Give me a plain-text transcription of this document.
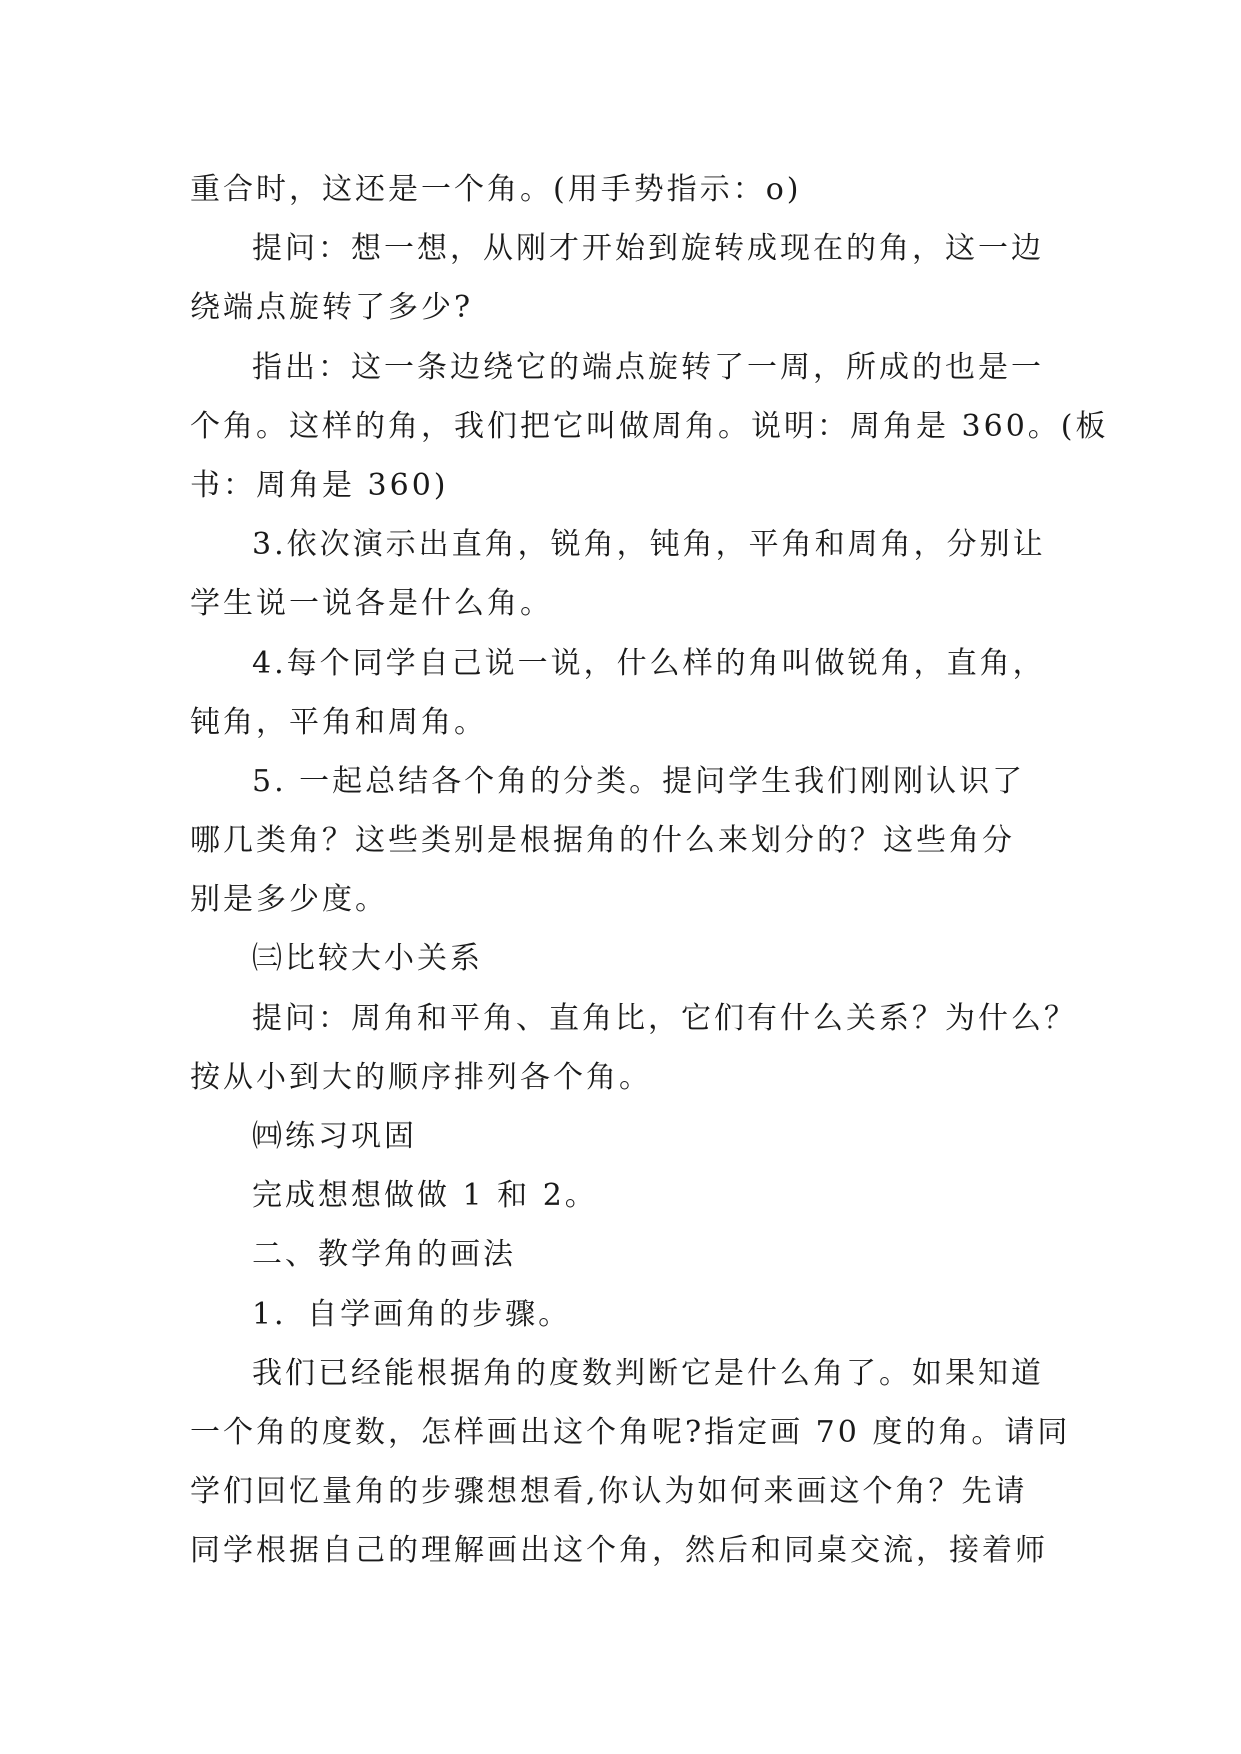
重合时，这还是一个角。(用手势指示：o)
提问：想一想，从刚才开始到旋转成现在的角，这一边
绕端点旋转了多少?
指出：这一条边绕它的端点旋转了一周，所成的也是一
个角。这样的角，我们把它叫做周角。说明：周角是 360。(板
书：周角是 360)
3.依次演示出直角，锐角，钝角，平角和周角，分别让
学生说一说各是什么角。
4.每个同学自己说一说，什么样的角叫做锐角，直角，
钝角，平角和周角。
5. 一起总结各个角的分类。提问学生我们刚刚认识了
哪几类角？这些类别是根据角的什么来划分的？这些角分
别是多少度。
㈢比较大小关系
提问：周角和平角、直角比，它们有什么关系？为什么？
按从小到大的顺序排列各个角。
㈣练习巩固
完成想想做做 1 和 2。
二、教学角的画法
1．自学画角的步骤。
我们已经能根据角的度数判断它是什么角了。如果知道
一个角的度数，怎样画出这个角呢?指定画 70 度的角。请同
学们回忆量角的步骤想想看,你认为如何来画这个角？先请
同学根据自己的理解画出这个角，然后和同桌交流，接着师
